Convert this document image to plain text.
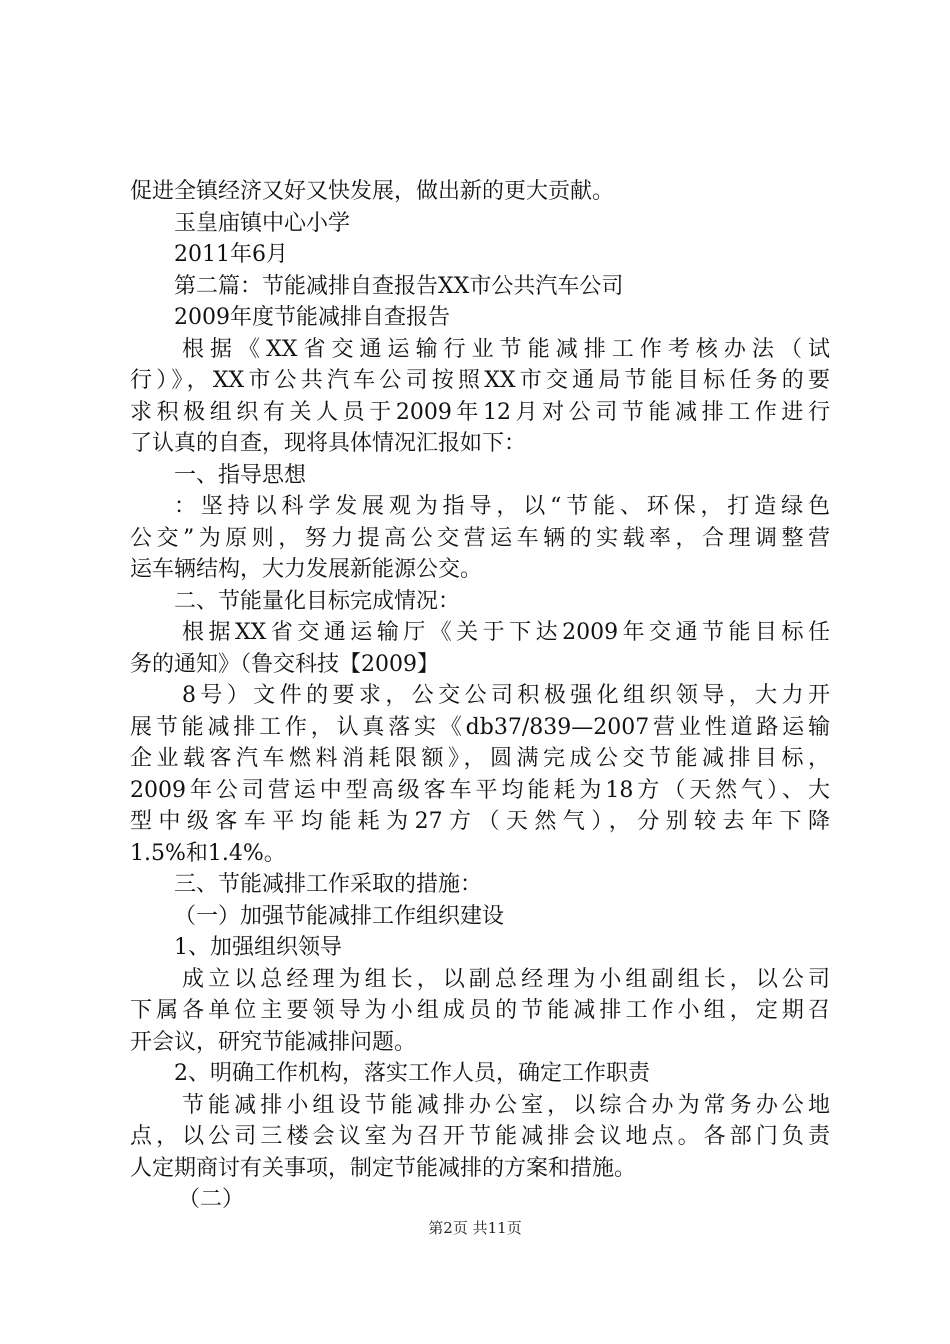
促进全镇经济又好又快发展，做出新的更大贡献。
玉皇庙镇中心小学
2011年6月
第二篇：节能减排自查报告XX市公共汽车公司
2009年度节能减排自查报告
根据《XX省交通运输行业节能减排工作考核办法（试
行）》，XX市公共汽车公司按照XX市交通局节能目标任务的要
求积极组织有关人员于2009年12月对公司节能减排工作进行
了认真的自查，现将具体情况汇报如下：
一、指导思想
：坚持以科学发展观为指导，以“节能、环保，打造绿色
公交”为原则，努力提高公交营运车辆的实载率，合理调整营
运车辆结构，大力发展新能源公交。
二、节能量化目标完成情况：
根据XX省交通运输厅《关于下达2009年交通节能目标任
务的通知》（鲁交科技【2009】
8号）文件的要求，公交公司积极强化组织领导，大力开
展节能减排工作，认真落实《db37/839—2007营业性道路运输
企业载客汽车燃料消耗限额》，圆满完成公交节能减排目标，
2009年公司营运中型高级客车平均能耗为18方（天然气）、大
型中级客车平均能耗为27方（天然气），分别较去年下降
1.5%和1.4%。
三、节能减排工作采取的措施：
（一）加强节能减排工作组织建设
1、加强组织领导
成立以总经理为组长，以副总经理为小组副组长，以公司
下属各单位主要领导为小组成员的节能减排工作小组，定期召
开会议，研究节能减排问题。
2、明确工作机构，落实工作人员，确定工作职责
节能减排小组设节能减排办公室，以综合办为常务办公地
点，以公司三楼会议室为召开节能减排会议地点。各部门负责
人定期商讨有关事项，制定节能减排的方案和措施。
（二）
第2页 共11页
